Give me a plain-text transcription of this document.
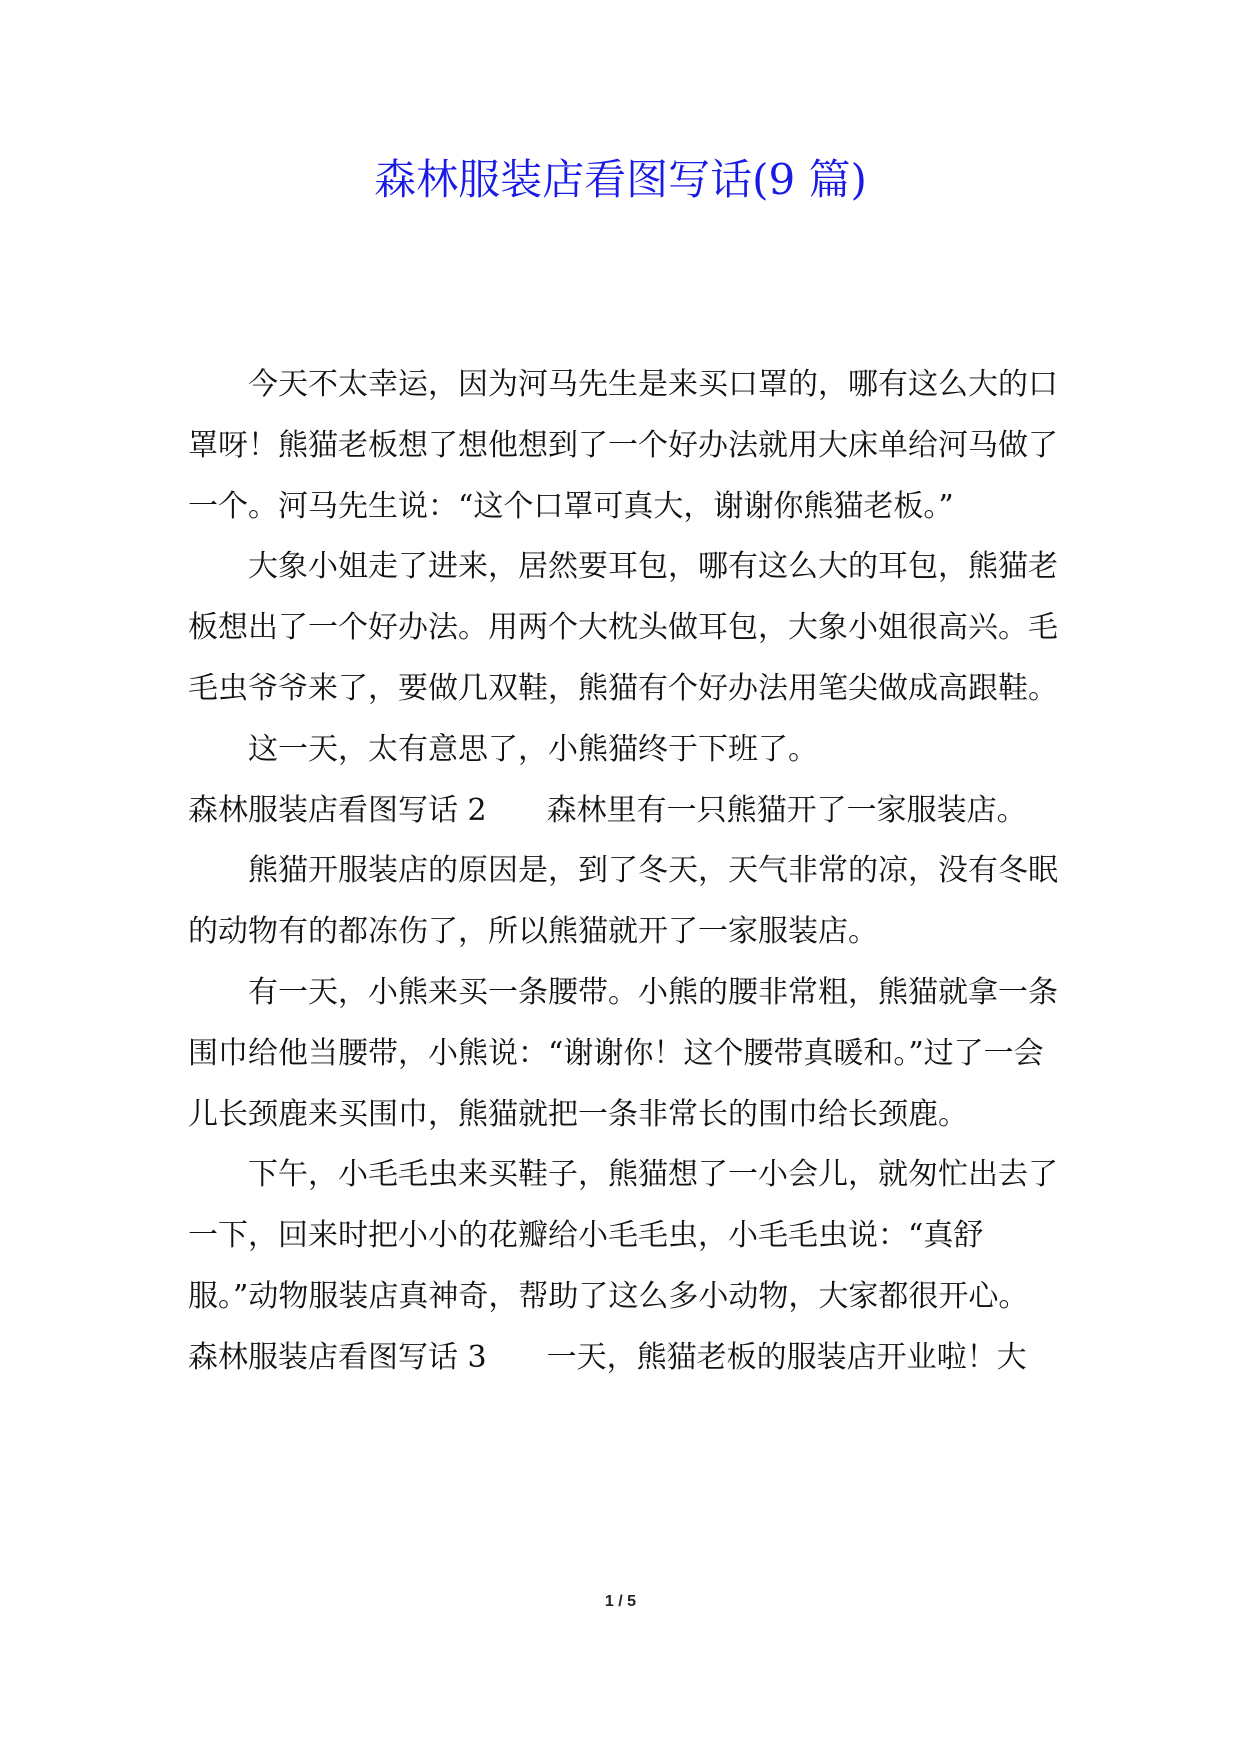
森林服装店看图写话(9 篇)

今天不太幸运，因为河马先生是来买口罩的，哪有这么大的口罩呀！熊猫老板想了想他想到了一个好办法就用大床单给河马做了一个。河马先生说：“这个口罩可真大，谢谢你熊猫老板。”

大象小姐走了进来，居然要耳包，哪有这么大的耳包，熊猫老板想出了一个好办法。用两个大枕头做耳包，大象小姐很高兴。毛毛虫爷爷来了，要做几双鞋，熊猫有个好办法用笔尖做成高跟鞋。

这一天，太有意思了，小熊猫终于下班了。

森林服装店看图写话 2　　森林里有一只熊猫开了一家服装店。

熊猫开服装店的原因是，到了冬天，天气非常的凉，没有冬眠的动物有的都冻伤了，所以熊猫就开了一家服装店。

有一天，小熊来买一条腰带。小熊的腰非常粗，熊猫就拿一条围巾给他当腰带，小熊说：“谢谢你！这个腰带真暖和。”过了一会儿长颈鹿来买围巾，熊猫就把一条非常长的围巾给长颈鹿。

下午，小毛毛虫来买鞋子，熊猫想了一小会儿，就匆忙出去了一下，回来时把小小的花瓣给小毛毛虫，小毛毛虫说：“真舒服。”动物服装店真神奇，帮助了这么多小动物，大家都很开心。

森林服装店看图写话 3　　一天，熊猫老板的服装店开业啦！大

1 / 5
